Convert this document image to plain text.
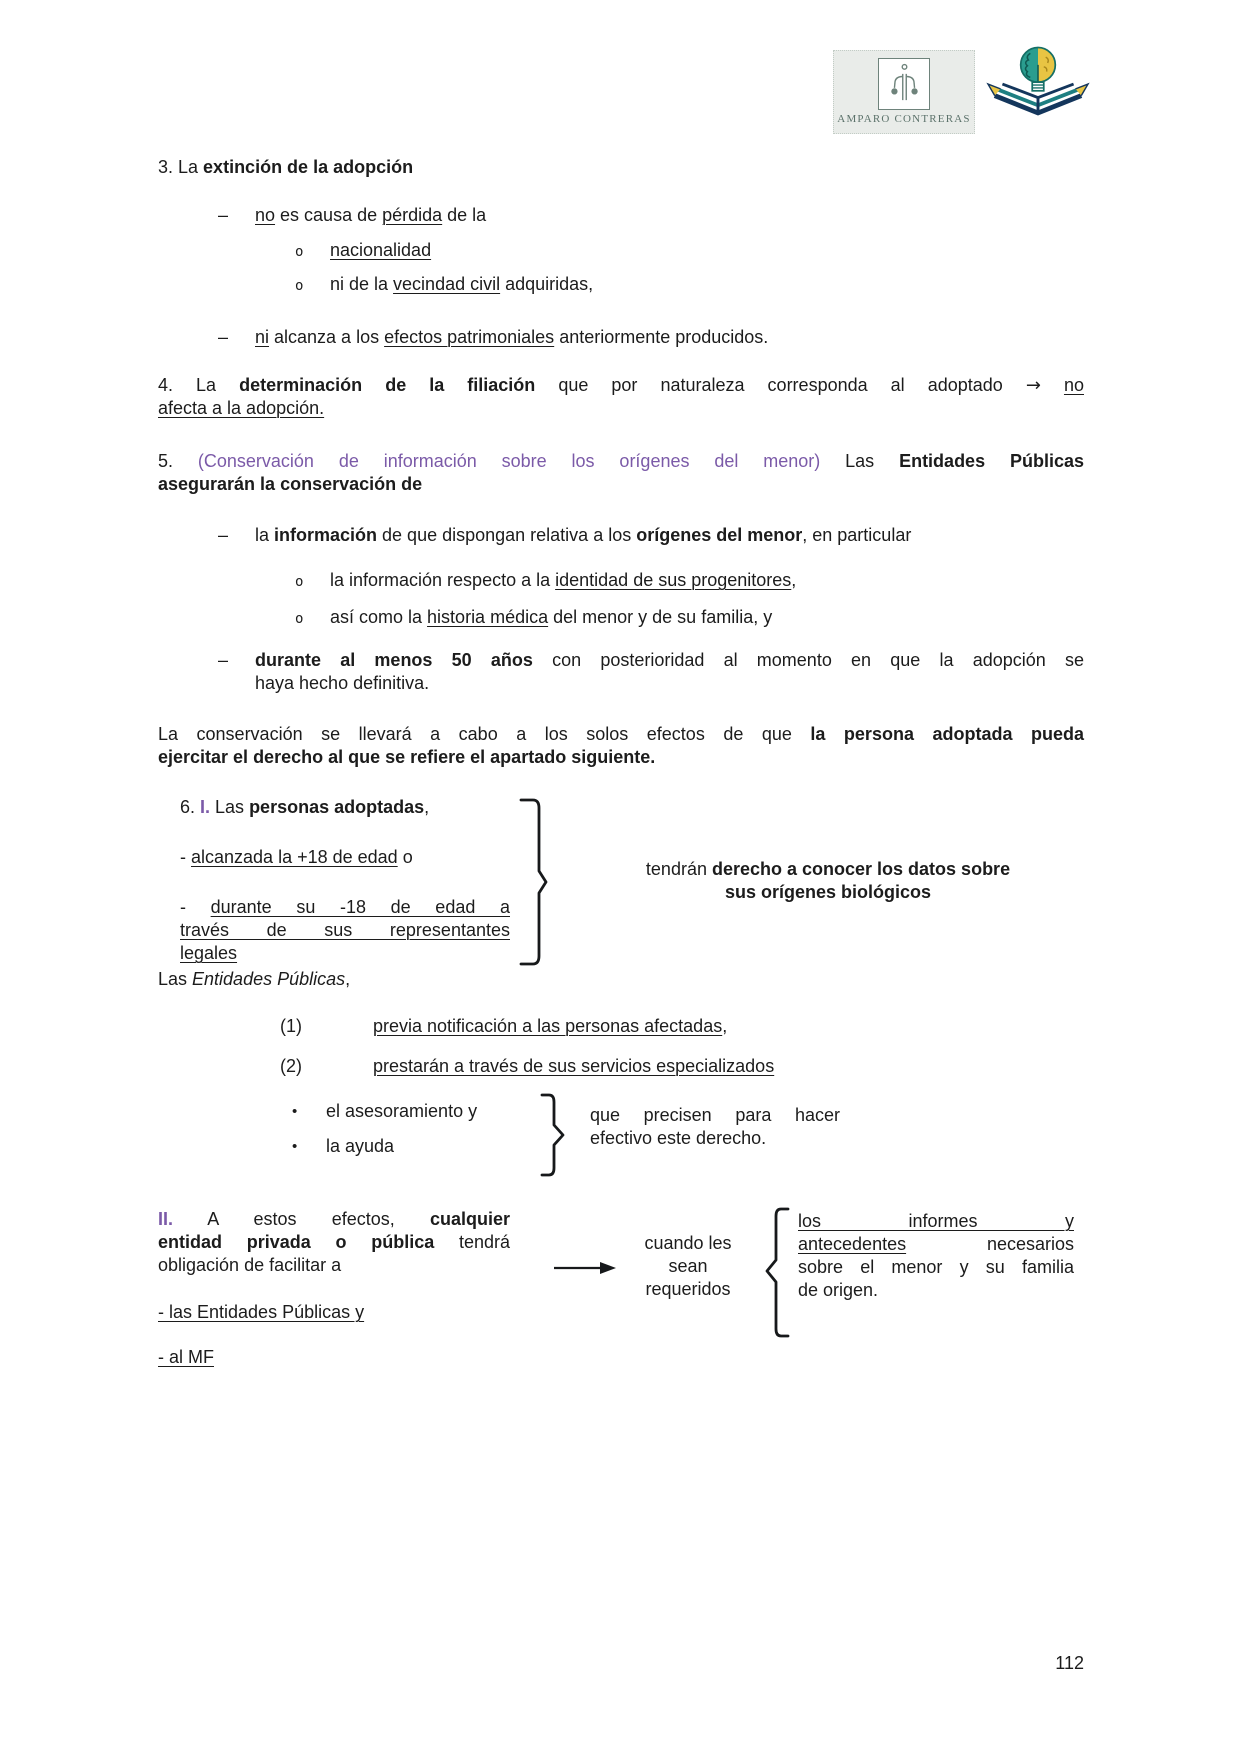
AMPARO CONTRERAS

3. La extinción de la adopción

– no es causa de pérdida de la
o nacionalidad
o ni de la vecindad civil adquiridas,
– ni alcanza a los efectos patrimoniales anteriormente producidos.
4. La determinación de la filiación que por naturaleza corresponda al adoptado → no
afecta a la adopción.
5. (Conservación de información sobre los orígenes del menor) Las Entidades Públicas
asegurarán la conservación de
– la información de que dispongan relativa a los orígenes del menor, en particular
o la información respecto a la identidad de sus progenitores,
o así como la historia médica del menor y de su familia, y
– durante al menos 50 años con posterioridad al momento en que la adopción se
haya hecho definitiva.
La conservación se llevará a cabo a los solos efectos de que la persona adoptada pueda
ejercitar el derecho al que se refiere el apartado siguiente.

6. I. Las personas adoptadas,

- alcanzada la +18 de edad o
- durante su -18 de edad a
través de sus representantes
legales
tendrán derecho a conocer los datos sobre
sus orígenes biológicos

Las Entidades Públicas,

(1)	previa notificación a las personas afectadas,
(2)	prestarán a través de sus servicios especializados
• el asesoramiento y
• la ayuda
que precisen para hacer
efectivo este derecho.
II. A estos efectos, cualquier
entidad privada o pública tendrá
obligación de facilitar a
- las Entidades Públicas y
- al MF
cuando les sean requeridos
los informes y
antecedentes necesarios
sobre el menor y su familia
de origen.
112
